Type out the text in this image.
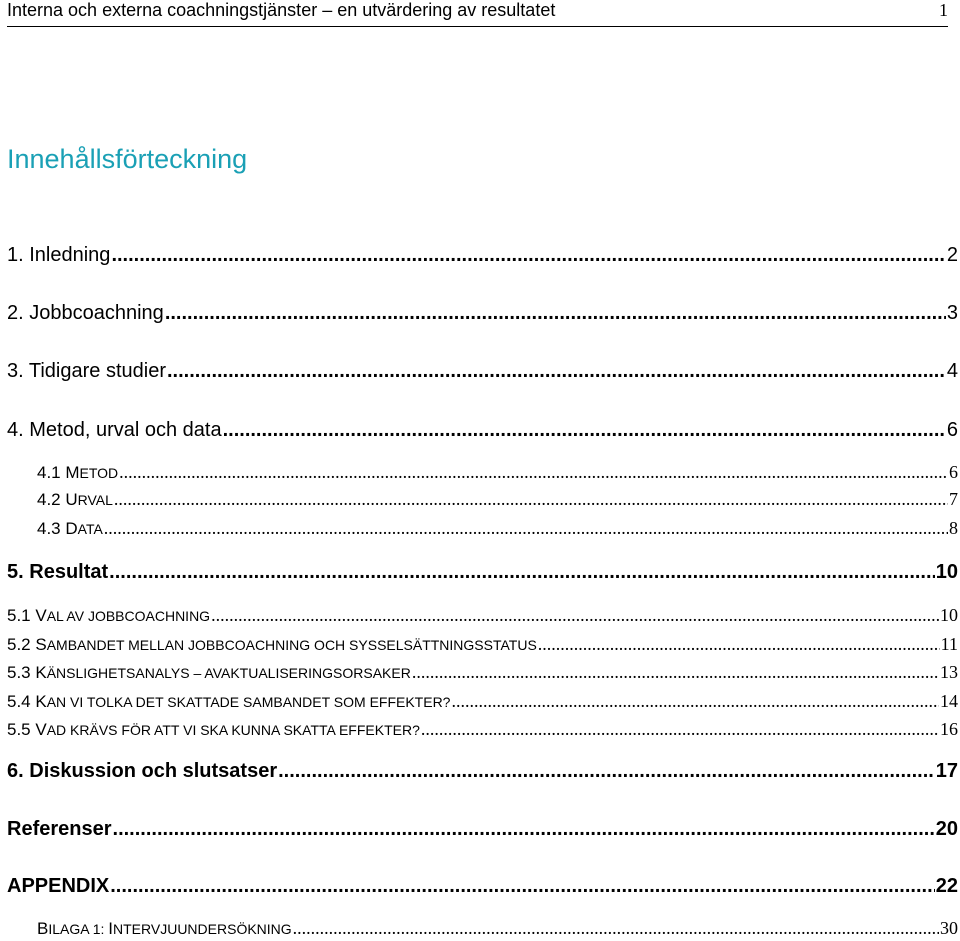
Interna och externa coachningstjänster – en utvärdering av resultatet	1
Innehållsförteckning
1. Inledning .....	2
2. Jobbcoachning .....	3
3. Tidigare studier .....	4
4. Metod, urval och data .....	6
4.1 METOD .....	6
4.2 URVAL .....	7
4.3 DATA .....	8
5. Resultat .....	10
5.1 VAL AV JOBBCOACHNING .....	10
5.2 SAMBANDET MELLAN JOBBCOACHNING OCH SYSSELSÄTTNINGSSTATUS .....	11
5.3 KÄNSLIGHETSANALYS – AVAKTUALISERINGSORSAKER .....	13
5.4 KAN VI TOLKA DET SKATTADE SAMBANDET SOM EFFEKTER? .....	14
5.5 VAD KRÄVS FÖR ATT VI SKA KUNNA SKATTA EFFEKTER? .....	16
6. Diskussion och slutsatser .....	17
Referenser .....	20
APPENDIX .....	22
BILAGA 1: INTERVJUUNDERSÖKNING .....	30
